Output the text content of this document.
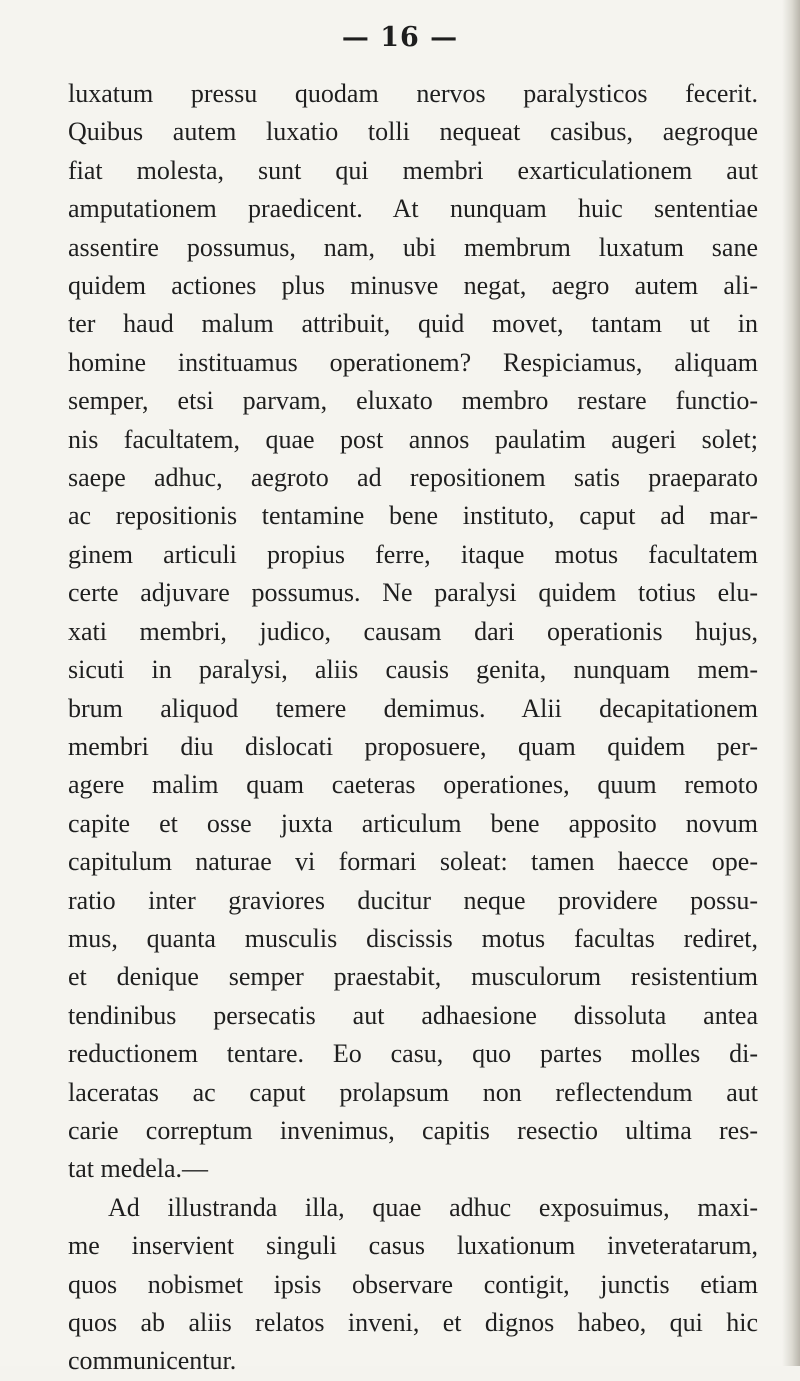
— 16 —
luxatum pressu quodam nervos paralysticos fecerit.
Quibus autem luxatio tolli nequeat casibus, aegroque
fiat molesta, sunt qui membri exarticulationem aut
amputationem praedicent. At nunquam huic sententiae
assentire possumus, nam, ubi membrum luxatum sane
quidem actiones plus minusve negat, aegro autem ali-
ter haud malum attribuit, quid movet, tantam ut in
homine instituamus operationem? Respiciamus, aliquam
semper, etsi parvam, eluxato membro restare functio-
nis facultatem, quae post annos paulatim augeri solet;
saepe adhuc, aegroto ad repositionem satis praeparato
ac repositionis tentamine bene instituto, caput ad mar-
ginem articuli propius ferre, itaque motus facultatem
certe adjuvare possumus. Ne paralysi quidem totius elu-
xati membri, judico, causam dari operationis hujus,
sicuti in paralysi, aliis causis genita, nunquam mem-
brum aliquod temere demimus. Alii decapitationem
membri diu dislocati proposuere, quam quidem per-
agere malim quam caeteras operationes, quum remoto
capite et osse juxta articulum bene apposito novum
capitulum naturae vi formari soleat: tamen haecce ope-
ratio inter graviores ducitur neque providere possu-
mus, quanta musculis discissis motus facultas rediret,
et denique semper praestabit, musculorum resistentium
tendinibus persecatis aut adhaesione dissoluta antea
reductionem tentare. Eo casu, quo partes molles di-
laceratas ac caput prolapsum non reflectendum aut
carie correptum invenimus, capitis resectio ultima res-
tat medela.—
Ad illustranda illa, quae adhuc exposuimus, maxi-
me inservient singuli casus luxationum inveteratarum,
quos nobismet ipsis observare contigit, junctis etiam
quos ab aliis relatos inveni, et dignos habeo, qui hic
communicentur.
